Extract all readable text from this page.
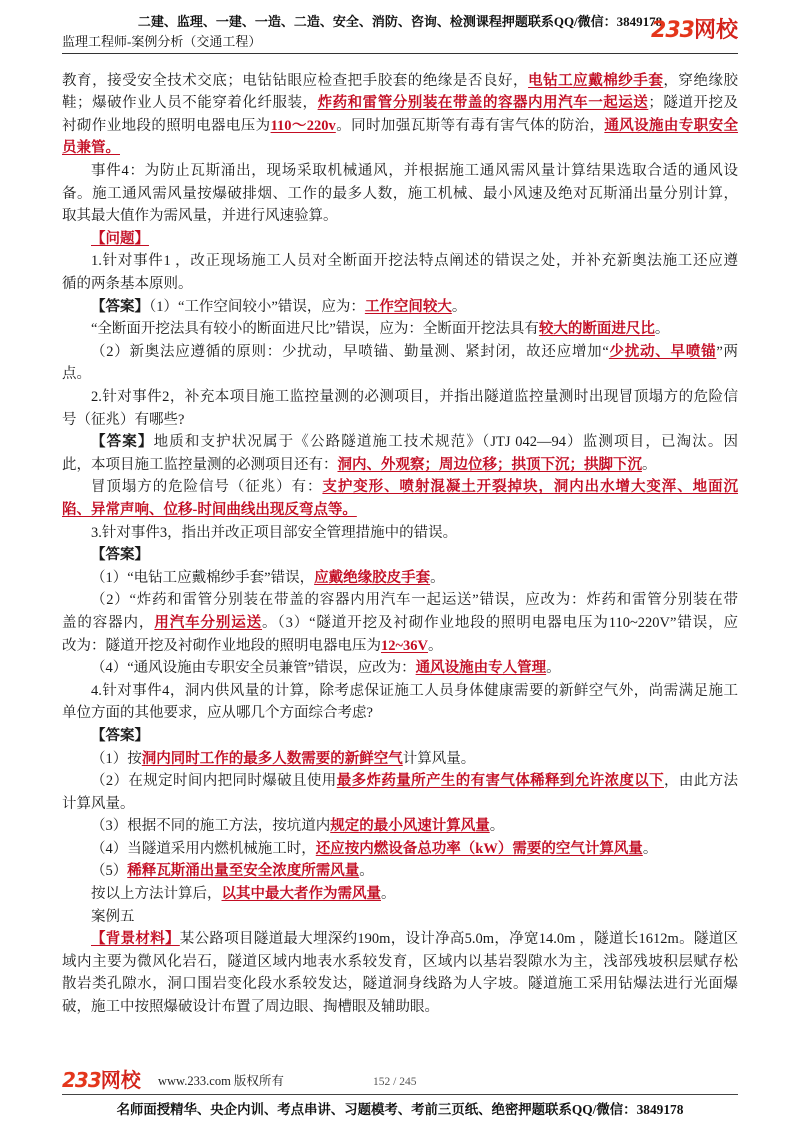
二建、监理、一建、一造、二造、安全、消防、咨询、检测课程押题联系QQ/微信：3849178
监理工程师-案例分析（交通工程）	233网校
教育，接受安全技术交底；电钻钻眼应检查把手胶套的绝缘是否良好，电钻工应戴棉纱手套，穿绝缘胶
鞋；爆破作业人员不能穿着化纤服装，炸药和雷管分别装在带盖的容器内用汽车一起运送；隧道开挖及
衬砌作业地段的照明电器电压为110～220v。同时加强瓦斯等有毒有害气体的防治，通风设施由专职安全
员兼管。
事件4：为防止瓦斯涌出，现场采取机械通风，并根据施工通风需风量计算结果选取合适的通风设
备。施工通风需风量按爆破排烟、工作的最多人数，施工机械、最小风速及绝对瓦斯涌出量分别计算，
取其最大值作为需风量，并进行风速验算。
【问题】
1.针对事件1 ，改正现场施工人员对全断面开挖法特点阐述的错误之处，并补充新奥法施工还应遵
循的两条基本原则。
【答案】（1）“工作空间较小”错误，应为：工作空间较大。
“全断面开挖法具有较小的断面进尺比”错误，应为：全断面开挖法具有较大的断面进尺比。
（2）新奥法应遵循的原则：少扰动，早喷锚、勤量测、紧封闭，故还应增加“少扰动、早喷锚”两
点。
2.针对事件2，补充本项目施工监控量测的必测项目，并指出隧道监控量测时出现冒顶塌方的危险信
号（征兆）有哪些?
【答案】地质和支护状况属于《公路隧道施工技术规范》（JTJ 042—94）监测项目，已淘汰。因
此，本项目施工监控量测的必测项目还有：洞内、外观察；周边位移；拱顶下沉；拱脚下沉。
冒顶塌方的危险信号（征兆）有：支护变形、喷射混凝土开裂掉块，洞内出水增大变浑、地面沉
陷、异常声响、位移-时间曲线出现反弯点等。
3.针对事件3，指出并改正项目部安全管理措施中的错误。
【答案】
（1）“电钻工应戴棉纱手套”错误，应戴绝缘胶皮手套。
（2）“炸药和雷管分别装在带盖的容器内用汽车一起运送”错误，应改为：炸药和雷管分别装在带
盖的容器内，用汽车分别运送。（3）“隧道开挖及衬砌作业地段的照明电器电压为110~220V”错误，应
改为：隧道开挖及衬砌作业地段的照明电器电压为12~36V。
（4）“通风设施由专职安全员兼管”错误，应改为：通风设施由专人管理。
4.针对事件4，洞内供风量的计算，除考虑保证施工人员身体健康需要的新鲜空气外，尚需满足施工
单位方面的其他要求，应从哪几个方面综合考虑?
【答案】
（1）按洞内同时工作的最多人数需要的新鲜空气计算风量。
（2）在规定时间内把同时爆破且使用最多炸药量所产生的有害气体稀释到允许浓度以下，由此方法
计算风量。
（3）根据不同的施工方法，按坑道内规定的最小风速计算风量。
（4）当隧道采用内燃机械施工时，还应按内燃设备总功率（kW）需要的空气计算风量。
（5）稀释瓦斯涌出量至安全浓度所需风量。
按以上方法计算后，以其中最大者作为需风量。
案例五
【背景材料】某公路项目隧道最大埋深约190m，设计净高5.0m，净宽14.0m ，隧道长1612m。隧道区
域内主要为微风化岩石，隧道区域内地表水系较发育，区域内以基岩裂隙水为主，浅部残坡积层赋存松
散岩类孔隙水，洞口围岩变化段水系较发达，隧道洞身线路为人字坡。隧道施工采用钻爆法进行光面爆
破，施工中按照爆破设计布置了周边眼、掏槽眼及辅助眼。
233网校 www.233.com 版权所有	152 / 245
名师面授精华、央企内训、考点串讲、习题模考、考前三页纸、绝密押题联系QQ/微信：3849178
